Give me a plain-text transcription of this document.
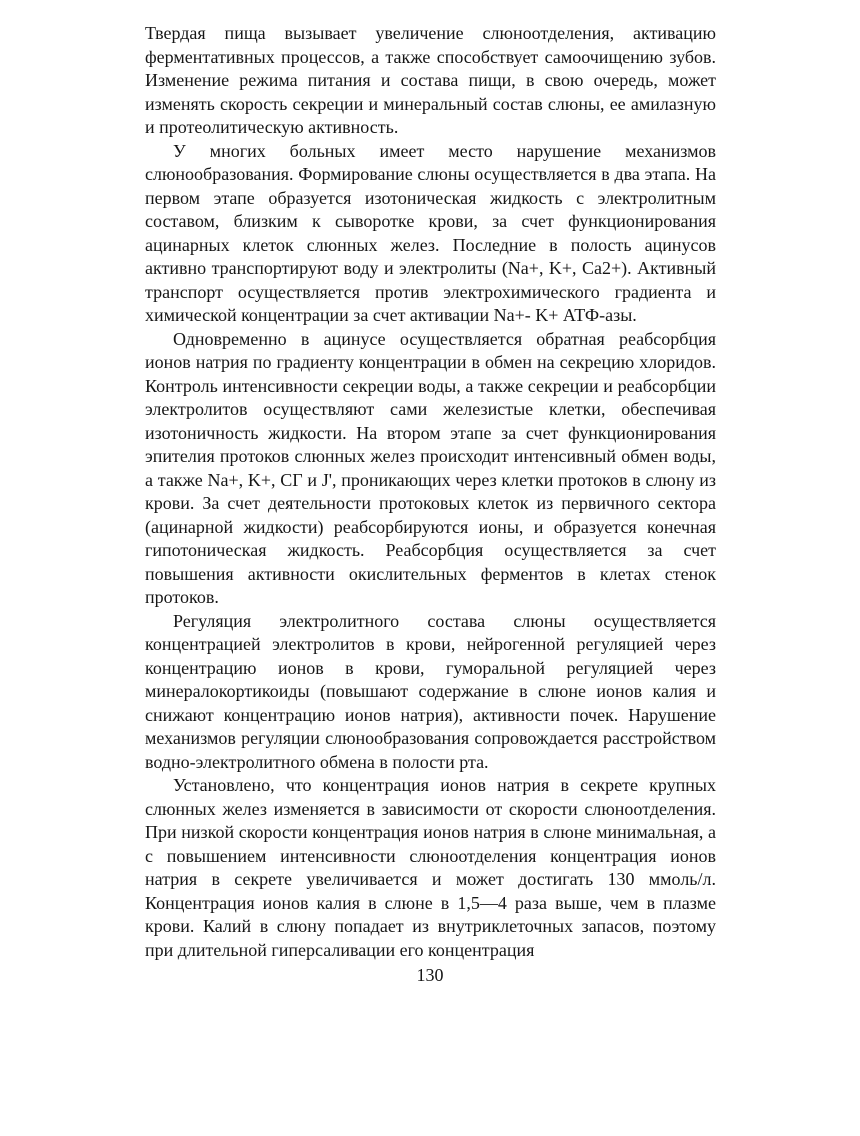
Твердая пища вызывает увеличение слюноотделения, активацию ферментативных процессов, а также способствует самоочищению зубов. Изменение режима питания и состава пищи, в свою очередь, может изменять скорость секреции и минеральный состав слюны, ее амилазную и протеолитическую активность.

У многих больных имеет место нарушение механизмов слюнообразования. Формирование слюны осуществляется в два этапа. На первом этапе образуется изотоническая жидкость с электролитным составом, близким к сыворотке крови, за счет функционирования ацинарных клеток слюнных желез. Последние в полость ацинусов активно транспортируют воду и электролиты (Na+, K+, Ca2+). Активный транспорт осуществляется против электрохимического градиента и химической концентрации за счет активации Na+- K+ АТФ-азы.

Одновременно в ацинусе осуществляется обратная реабсорбция ионов натрия по градиенту концентрации в обмен на секрецию хлоридов. Контроль интенсивности секреции воды, а также секреции и реабсорбции электролитов осуществляют сами железистые клетки, обеспечивая изотоничность жидкости. На втором этапе за счет функционирования эпителия протоков слюнных желез происходит интенсивный обмен воды, а также Na+, K+, CГ и J', проникающих через клетки протоков в слюну из крови. За счет деятельности протоковых клеток из первичного сектора (ацинарной жидкости) реабсорбируются ионы, и образуется конечная гипотоническая жидкость. Реабсорбция осуществляется за счет повышения активности окислительных ферментов в клетах стенок протоков.

Регуляция электролитного состава слюны осуществляется концентрацией электролитов в крови, нейрогенной регуляцией через концентрацию ионов в крови, гуморальной регуляцией через минералокортикоиды (повышают содержание в слюне ионов калия и снижают концентрацию ионов натрия), активности почек. Нарушение механизмов регуляции слюнообразования сопровождается расстройством водно-электролитного обмена в полости рта.

Установлено, что концентрация ионов натрия в секрете крупных слюнных желез изменяется в зависимости от скорости слюноотделения. При низкой скорости концентрация ионов натрия в слюне минимальная, а с повышением интенсивности слюноотделения концентрация ионов натрия в секрете увеличивается и может достигать 130 ммоль/л. Концентрация ионов калия в слюне в 1,5—4 раза выше, чем в плазме крови. Калий в слюну попадает из внутриклеточных запасов, поэтому при длительной гиперсаливации его концентрация

130
